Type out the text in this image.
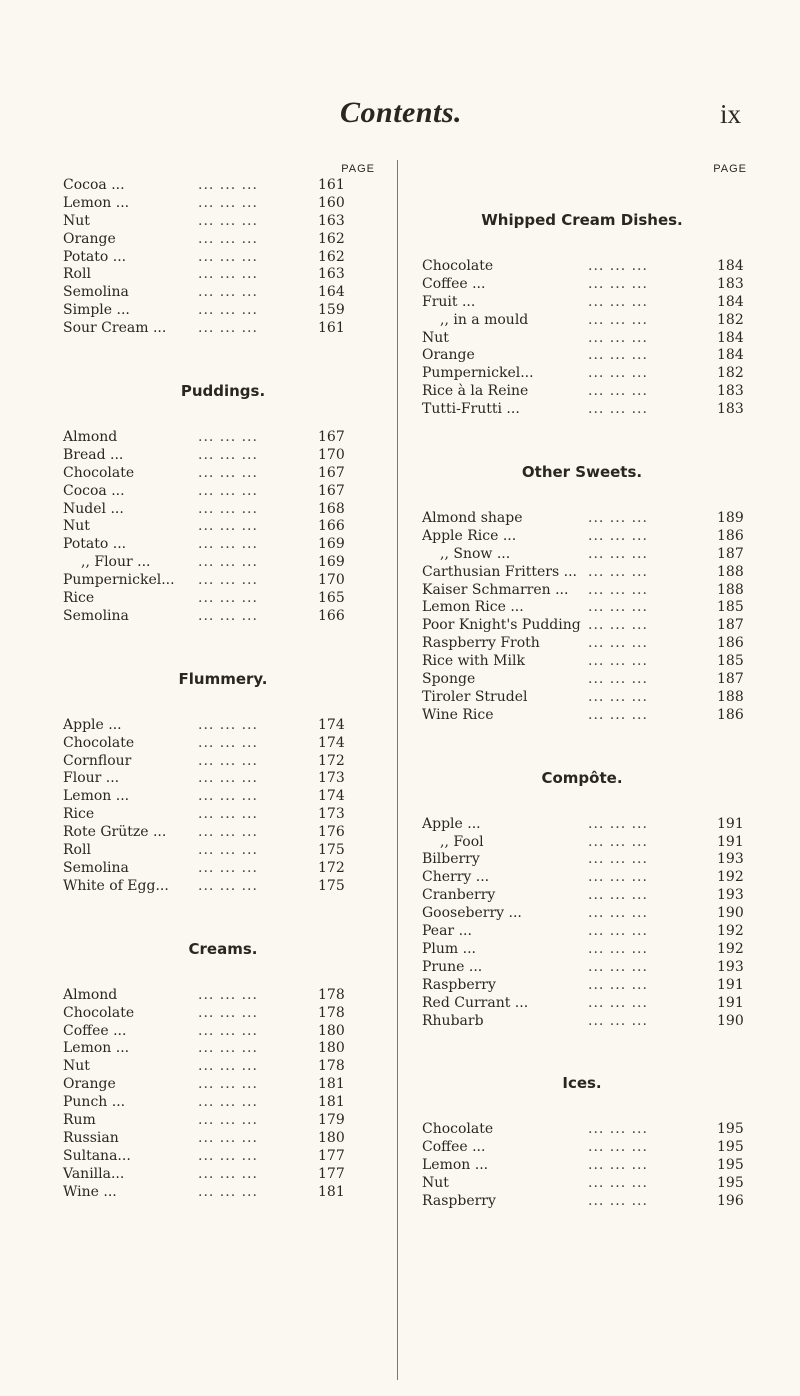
Contents.	ix
PAGE
Cocoa ...	... ... ...	161
Lemon ...	... ... ...	160
Nut	... ... ...	163
Orange	... ... ...	162
Potato ...	... ... ...	162
Roll	... ... ...	163
Semolina	... ... ...	164
Simple ...	... ... ...	159
Sour Cream ... ... ... ...	161
Puddings.
Almond	... ... ...	167
Bread ...	... ... ...	170
Chocolate	... ... ...	167
Cocoa ...	... ... ...	167
Nudel ...	... ... ...	168
Nut	... ... ...	166
Potato ...	... ... ...	169
,, Flour ...	... ... ...	169
Pumpernickel... ... ... ...	170
Rice	... ... ...	165
Semolina	... ... ...	166
Flummery.
Apple ...	... ... ...	174
Chocolate	... ... ...	174
Cornflour	... ... ...	172
Flour ...	... ... ...	173
Lemon ...	... ... ...	174
Rice	... ... ...	173
Rote Grütze ... ... ... ...	176
Roll	... ... ...	175
Semolina	... ... ...	172
White of Egg... ... ... ...	175
Creams.
Almond	... ... ...	178
Chocolate	... ... ...	178
Coffee ...	... ... ...	180
Lemon ...	... ... ...	180
Nut	... ... ...	178
Orange	... ... ...	181
Punch ...	... ... ...	181
Rum	... ... ...	179
Russian	... ... ...	180
Sultana...	... ... ...	177
Vanilla...	... ... ...	177
Wine ...	... ... ...	181
PAGE
Whipped Cream Dishes.
Chocolate	... ... ...	184
Coffee ...	... ... ...	183
Fruit ...	... ... ...	184
,, in a mould	... ... ...	182
Nut	... ... ...	184
Orange	... ... ...	184
Pumpernickel...	... ... ...	182
Rice à la Reine	... ... ...	183
Tutti-Frutti ...	... ... ...	183
Other Sweets.
Almond shape	... ... ...	189
Apple Rice ...	... ... ...	186
,, Snow ...	... ... ...	187
Carthusian Fritters ... ... ... ...	188
Kaiser Schmarren ... ... ... ...	188
Lemon Rice ...	... ... ...	185
Poor Knight's Pudding ... ... ...	187
Raspberry Froth	... ... ...	186
Rice with Milk	... ... ...	185
Sponge	... ... ...	187
Tiroler Strudel	... ... ...	188
Wine Rice	... ... ...	186
Compôte.
Apple ...	... ... ...	191
,, Fool	... ... ...	191
Bilberry	... ... ...	193
Cherry ...	... ... ...	192
Cranberry	... ... ...	193
Gooseberry ...	... ... ...	190
Pear ...	... ... ...	192
Plum ...	... ... ...	192
Prune ...	... ... ...	193
Raspberry	... ... ...	191
Red Currant ...	... ... ...	191
Rhubarb	... ... ...	190
Ices.
Chocolate	... ... ...	195
Coffee ...	... ... ...	195
Lemon ...	... ... ...	195
Nut	... ... ...	195
Raspberry	... ... ...	196
